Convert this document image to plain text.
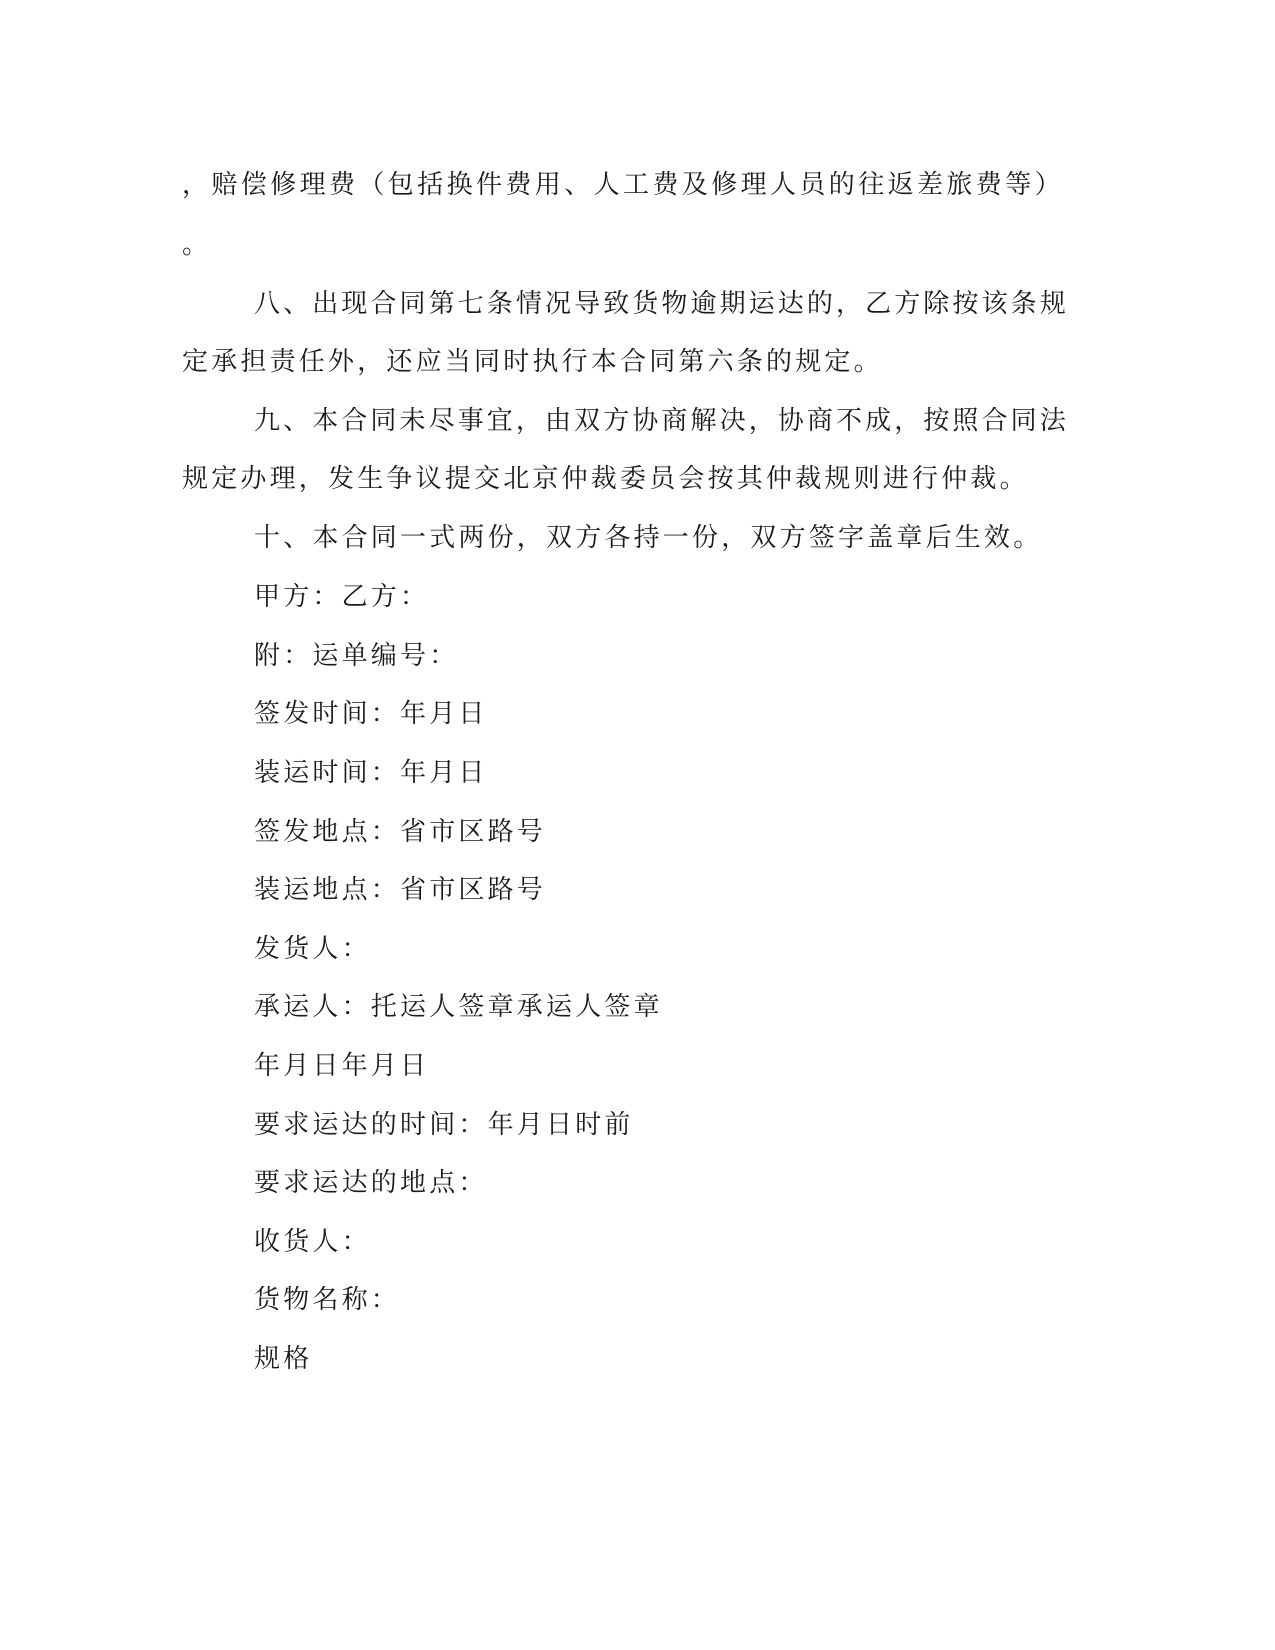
，赔偿修理费（包括换件费用、人工费及修理人员的往返差旅费等）
。
八、出现合同第七条情况导致货物逾期运达的，乙方除按该条规
定承担责任外，还应当同时执行本合同第六条的规定。
九、本合同未尽事宜，由双方协商解决，协商不成，按照合同法
规定办理，发生争议提交北京仲裁委员会按其仲裁规则进行仲裁。
十、本合同一式两份，双方各持一份，双方签字盖章后生效。
甲方：乙方：
附：运单编号：
签发时间：年月日
装运时间：年月日
签发地点：省市区路号
装运地点：省市区路号
发货人：
承运人：托运人签章承运人签章
年月日年月日
要求运达的时间：年月日时前
要求运达的地点：
收货人：
货物名称：
规格
